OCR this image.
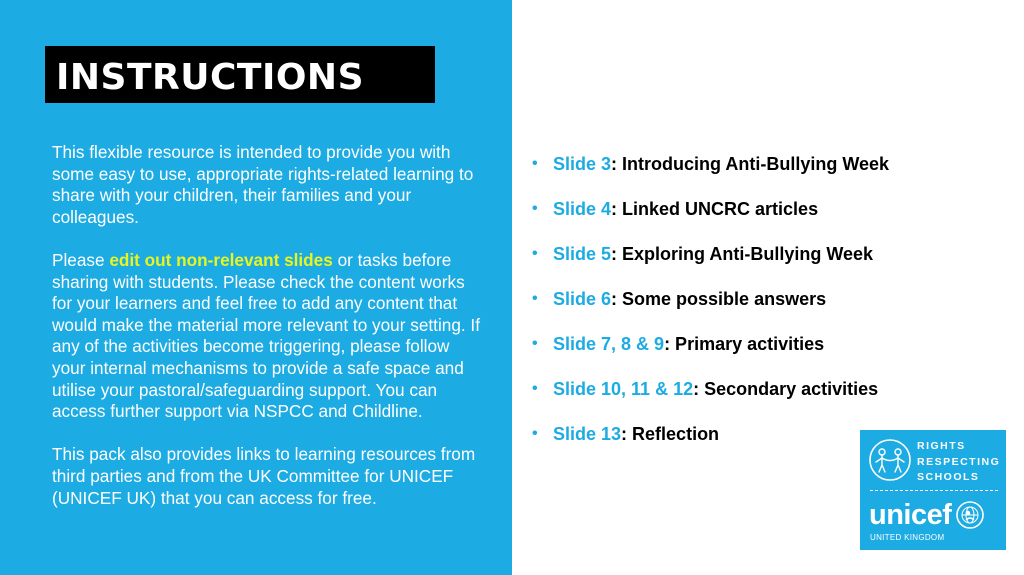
INSTRUCTIONS

This flexible resource is intended to provide you with some easy to use, appropriate rights-related learning to share with your children, their families and your colleagues.

Please edit out non-relevant slides or tasks before sharing with students. Please check the content works for your learners and feel free to add any content that would make the material more relevant to your setting. If any of the activities become triggering, please follow your internal mechanisms to provide a safe space and utilise your pastoral/safeguarding support. You can access further support via NSPCC and Childline.

This pack also provides links to learning resources from third parties and from the UK Committee for UNICEF (UNICEF UK) that you can access for free.

• Slide 3: Introducing Anti-Bullying Week
• Slide 4: Linked UNCRC articles
• Slide 5: Exploring Anti-Bullying Week
• Slide 6: Some possible answers
• Slide 7, 8 & 9: Primary activities
• Slide 10, 11 & 12: Secondary activities
• Slide 13: Reflection
RIGHTS
RESPECTING
SCHOOLS
unicef
UNITED KINGDOM
